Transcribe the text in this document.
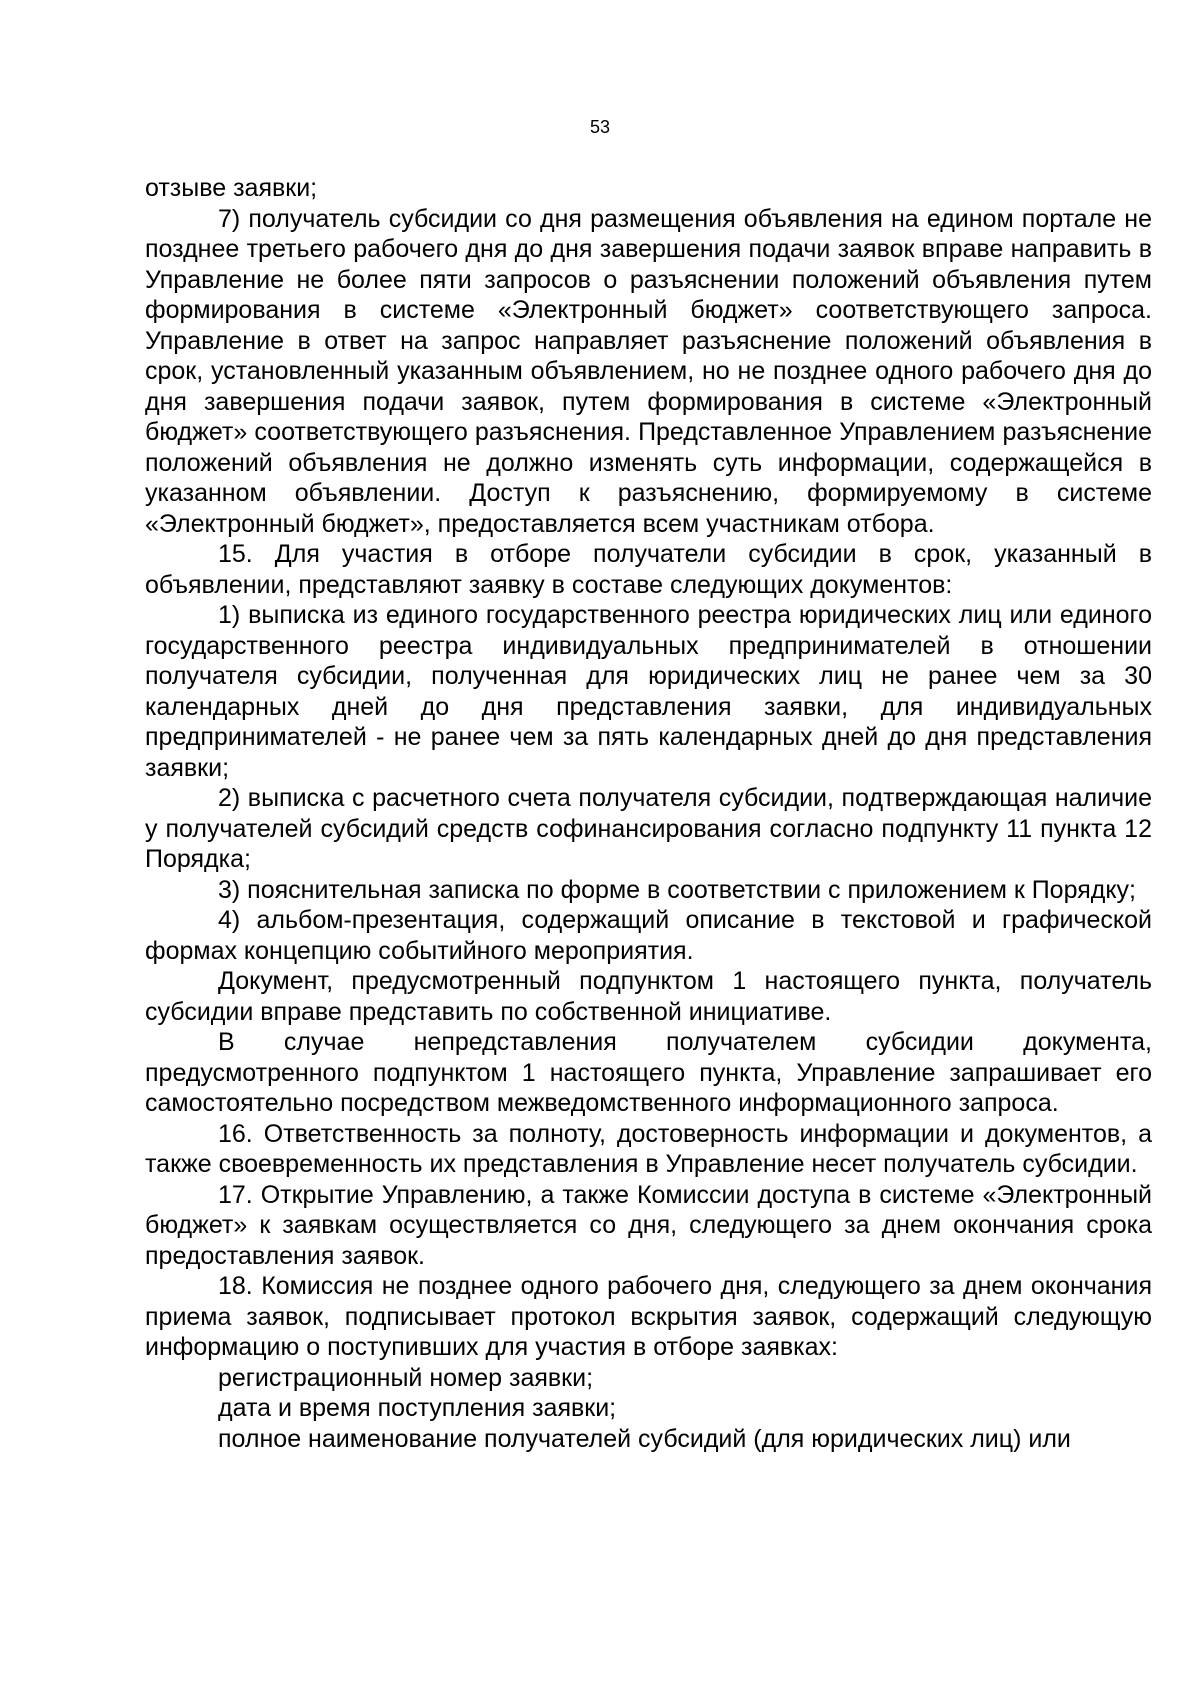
53

отзыве заявки;

7) получатель субсидии со дня размещения объявления на едином портале не позднее третьего рабочего дня до дня завершения подачи заявок вправе направить в Управление не более пяти запросов о разъяснении положений объявления путем формирования в системе «Электронный бюджет» соответствующего запроса. Управление в ответ на запрос направляет разъяснение положений объявления в срок, установленный указанным объявлением, но не позднее одного рабочего дня до дня завершения подачи заявок, путем формирования в системе «Электронный бюджет» соответствующего разъяснения. Представленное Управлением разъяснение положений объявления не должно изменять суть информации, содержащейся в указанном объявлении. Доступ к разъяснению, формируемому в системе «Электронный бюджет», предоставляется всем участникам отбора.

15. Для участия в отборе получатели субсидии в срок, указанный в объявлении, представляют заявку в составе следующих документов:

1) выписка из единого государственного реестра юридических лиц или единого государственного реестра индивидуальных предпринимателей в отношении получателя субсидии, полученная для юридических лиц не ранее чем за 30 календарных дней до дня представления заявки, для индивидуальных предпринимателей - не ранее чем за пять календарных дней до дня представления заявки;

2) выписка с расчетного счета получателя субсидии, подтверждающая наличие у получателей субсидий средств софинансирования согласно подпункту 11 пункта 12 Порядка;

3) пояснительная записка по форме в соответствии с приложением к Порядку;

4) альбом-презентация, содержащий описание в текстовой и графической формах концепцию событийного мероприятия.

Документ, предусмотренный подпунктом 1 настоящего пункта, получатель субсидии вправе представить по собственной инициативе.

В случае непредставления получателем субсидии документа, предусмотренного подпунктом 1 настоящего пункта, Управление запрашивает его самостоятельно посредством межведомственного информационного запроса.

16. Ответственность за полноту, достоверность информации и документов, а также своевременность их представления в Управление несет получатель субсидии.

17. Открытие Управлению, а также Комиссии доступа в системе «Электронный бюджет» к заявкам осуществляется со дня, следующего за днем окончания срока предоставления заявок.

18. Комиссия не позднее одного рабочего дня, следующего за днем окончания приема заявок, подписывает протокол вскрытия заявок, содержащий следующую информацию о поступивших для участия в отборе заявках:

регистрационный номер заявки;

дата и время поступления заявки;

полное наименование получателей субсидий (для юридических лиц) или
